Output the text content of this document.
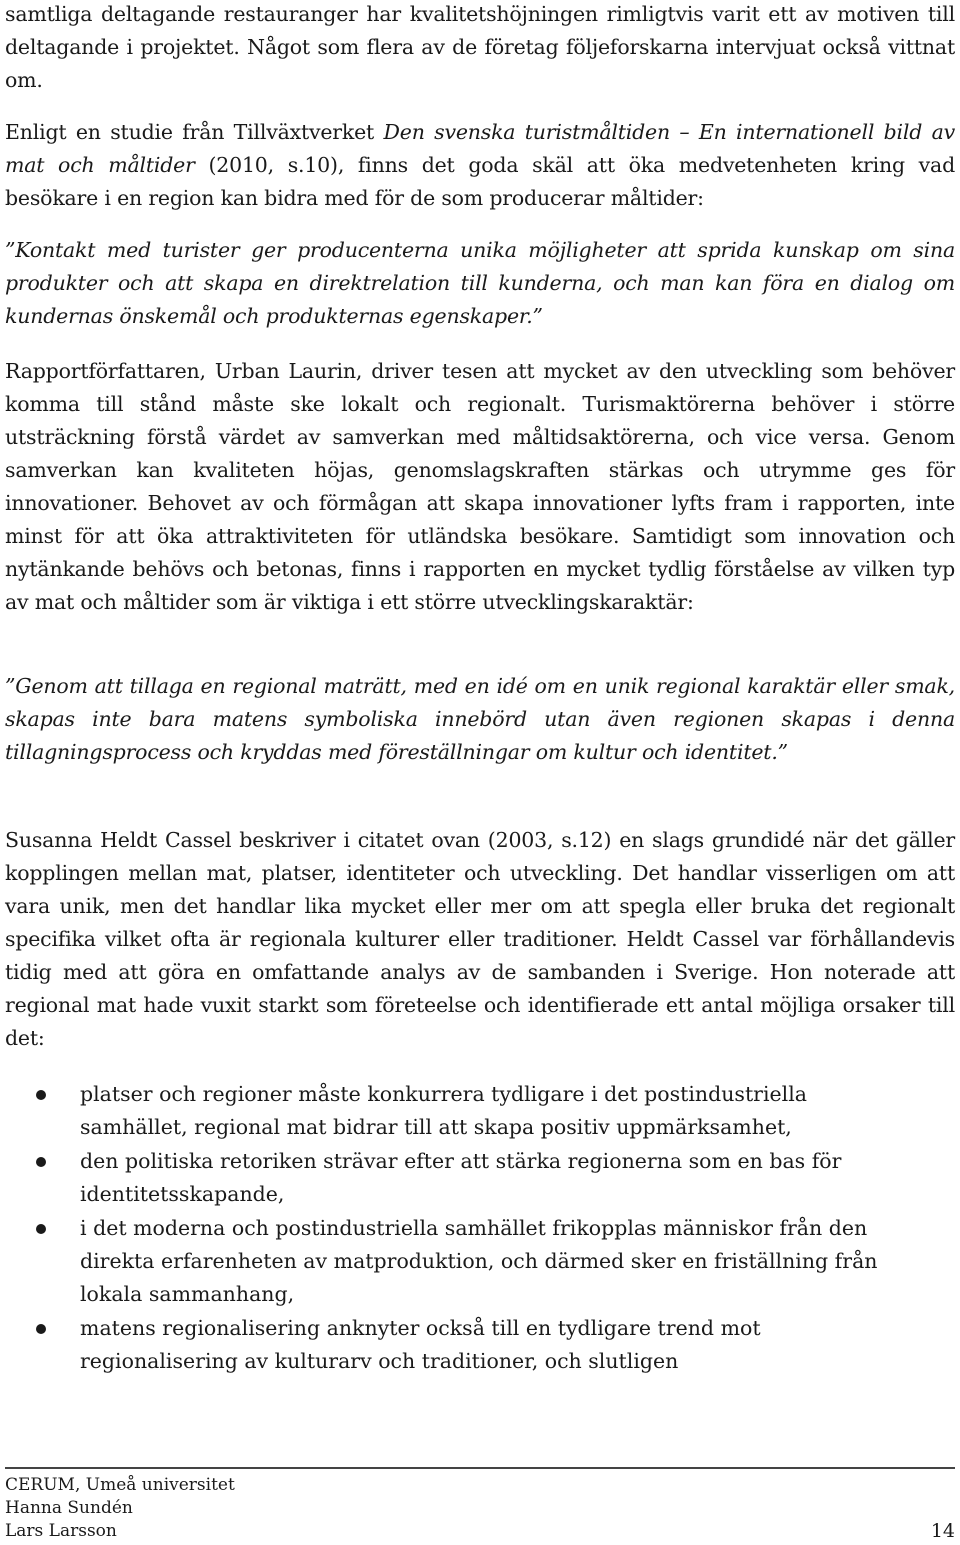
samtliga deltagande restauranger har kvalitetshöjningen rimligtvis varit ett av motiven till deltagande i projektet. Något som flera av de företag följeforskarna intervjuat också vittnat om.

Enligt en studie från Tillväxtverket Den svenska turistmåltiden – En internationell bild av mat och måltider (2010, s.10), finns det goda skäl att öka medvetenheten kring vad besökare i en region kan bidra med för de som producerar måltider:

”Kontakt med turister ger producenterna unika möjligheter att sprida kunskap om sina produkter och att skapa en direktrelation till kunderna, och man kan föra en dialog om kundernas önskemål och produkternas egenskaper.”

Rapportförfattaren, Urban Laurin, driver tesen att mycket av den utveckling som behöver komma till stånd måste ske lokalt och regionalt. Turismaktörerna behöver i större utsträckning förstå värdet av samverkan med måltidsaktörerna, och vice versa. Genom samverkan kan kvaliteten höjas, genomslagskraften stärkas och utrymme ges för innovationer. Behovet av och förmågan att skapa innovationer lyfts fram i rapporten, inte minst för att öka attraktiviteten för utländska besökare. Samtidigt som innovation och nytänkande behövs och betonas, finns i rapporten en mycket tydlig förståelse av vilken typ av mat och måltider som är viktiga i ett större utvecklingskaraktär:

”Genom att tillaga en regional maträtt, med en idé om en unik regional karaktär eller smak, skapas inte bara matens symboliska innebörd utan även regionen skapas i denna tillagningsprocess och kryddas med föreställningar om kultur och identitet.”

Susanna Heldt Cassel beskriver i citatet ovan (2003, s.12) en slags grundidé när det gäller kopplingen mellan mat, platser, identiteter och utveckling. Det handlar visserligen om att vara unik, men det handlar lika mycket eller mer om att spegla eller bruka det regionalt specifika vilket ofta är regionala kulturer eller traditioner. Heldt Cassel var förhållandevis tidig med att göra en omfattande analys av de sambanden i Sverige. Hon noterade att regional mat hade vuxit starkt som företeelse och identifierade ett antal möjliga orsaker till det:

platser och regioner måste konkurrera tydligare i det postindustriella samhället, regional mat bidrar till att skapa positiv uppmärksamhet,
den politiska retoriken strävar efter att stärka regionerna som en bas för identitetsskapande,
i det moderna och postindustriella samhället frikopplas människor från den direkta erfarenheten av matproduktion, och därmed sker en friställning från lokala sammanhang,
matens regionalisering anknyter också till en tydligare trend mot regionalisering av kulturarv och traditioner, och slutligen
CERUM, Umeå universitet
Hanna Sundén
Lars Larsson	14
